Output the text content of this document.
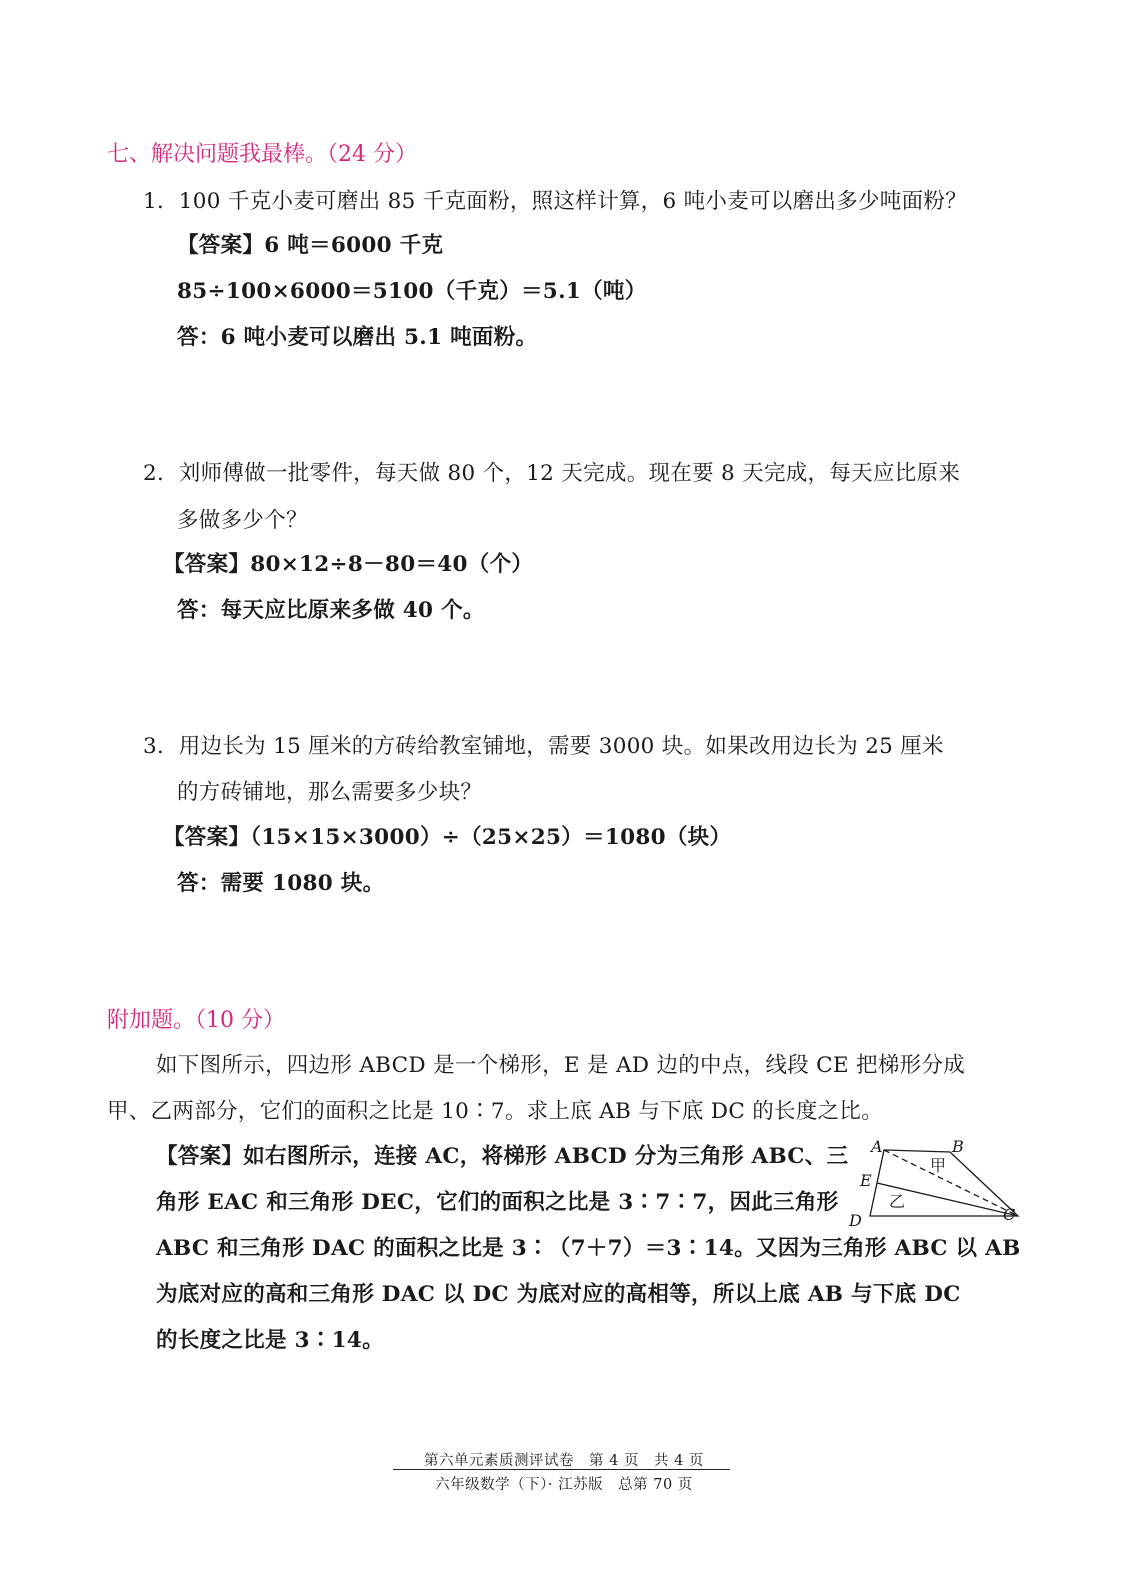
七、解决问题我最棒。（24 分）
1．100 千克小麦可磨出 85 千克面粉，照这样计算，6 吨小麦可以磨出多少吨面粉？
【答案】6 吨＝6000 千克
85÷100×6000＝5100（千克）＝5.1（吨）
答：6 吨小麦可以磨出 5.1 吨面粉。
2．刘师傅做一批零件，每天做 80 个，12 天完成。现在要 8 天完成，每天应比原来
多做多少个？
【答案】80×12÷8－80＝40（个）
答：每天应比原来多做 40 个。
3．用边长为 15 厘米的方砖给教室铺地，需要 3000 块。如果改用边长为 25 厘米
的方砖铺地，那么需要多少块？
【答案】（15×15×3000）÷（25×25）＝1080（块）
答：需要 1080 块。
附加题。（10 分）
如下图所示，四边形 ABCD 是一个梯形，E 是 AD 边的中点，线段 CE 把梯形分成
甲、乙两部分，它们的面积之比是 10∶7。求上底 AB 与下底 DC 的长度之比。
【答案】如右图所示，连接 AC，将梯形 ABCD 分为三角形 ABC、三
角形 EAC 和三角形 DEC，它们的面积之比是 3∶7∶7，因此三角形
ABC 和三角形 DAC 的面积之比是 3∶（7＋7）＝3∶14。又因为三角形 ABC 以 AB
为底对应的高和三角形 DAC 以 DC 为底对应的高相等，所以上底 AB 与下底 DC
的长度之比是 3∶14。
A	B
C
D
E
甲
乙
第六单元素质测评试卷　第 4 页　共 4 页
六年级数学（下）· 江苏版　总第 70 页
